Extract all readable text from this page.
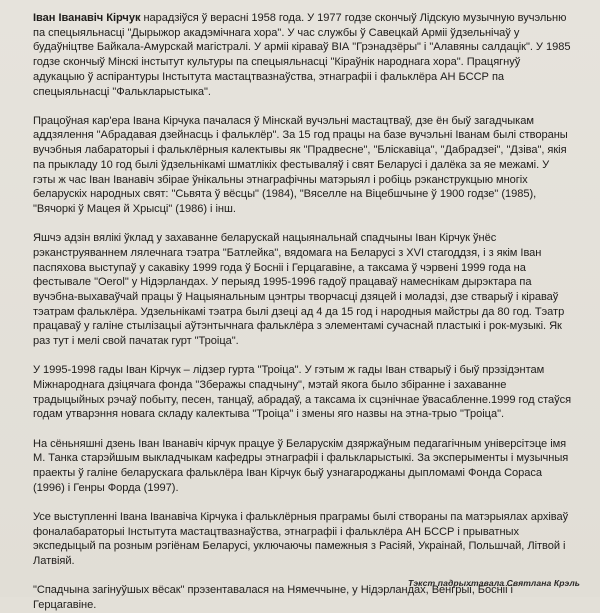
Іван Іванавіч Кірчук нарадзіўся ў верасні 1958 года. У 1977 годзе скончыў Лідскую музычную вучэльню па спецыяльнасці "Дырыжор акадэмічнага хора". У час службы ў Савецкай Арміі ўдзельнічаў у будаўніцтве Байкала-Амурскай магістралі. У арміі кіраваў ВІА "Грэнадзёры" і "Алавяны салдацік". У 1985 годзе скончыў Мінскі інстытут культуры па спецыяльнасці "Кіраўнік народнага хора". Працягнуў адукацыю ў аспірантуры Інстытута мастацтвазнаўства, этнаграфіі і фальклёра АН БССР па спецыяльнасці "Фалькларыстыка".

Працоўная кар'ера Івана Кірчука пачалася ў Мінскай вучэльні мастацтваў, дзе ён быў загадчыкам аддзялення "Абрадавая дзейнасць і фальклёр". За 15 год працы на базе вучэльні Іванам былі створаны вучэбныя лабараторыі і фальклёрныя калектывы як "Прадвесне", "Бліскавіца", "Дабрадзеі", "Дзіва", якія па прыкладу 10 год былі ўдзельнікамі шматлікіх фестываляў і свят Беларусі і далёка за яе межамі. У гэты ж час Іван Іванавіч збірае ўнікальны этнаграфічны матэрыял і робіць рэканструкцыю многіх беларускіх народных свят: "Сьвята ў вёсцы" (1984), "Вяселле на Віцебшчыне ў 1900 годзе" (1985), "Вячоркі ў Мацея й Хрысці" (1986) і інш.

Яшчэ адзін вялікі ўклад у захаванне беларускай нацыянальнай спадчыны Іван Кірчук ўнёс рэканструяваннем лялечнага тэатра "Батлейка", вядомага на Беларусі з XVI стагоддзя, і з якім Іван паспяхова выступаў у сакавіку 1999 года ў Босніі і Герцагавіне, а таксама ў чэрвені 1999 года на фестывале "Oerol" у Нідэрландах. У перыяд 1995-1996 гадоў працаваў намеснікам дырэктара па вучэбна-выхаваўчай працы ў Нацыянальным цэнтры творчасці дзяцей і моладзі, дзе стварыў і кіраваў тэатрам фальклёра. Удзельнікамі тэатра былі дзеці ад 4 да 15 год і народныя майстры да 80 год. Тэатр працаваў у галіне стылізацыі аўтэнтычнага фальклёра з элементамі сучаснай пластыкі і рок-музыкі. Як раз тут і мелі свой пачатак гурт "Троіца".

У 1995-1998 гады Іван Кірчук – лідзер гурта "Троіца". У гэтым ж гады Іван стварыў і быў прэзідэнтам Міжнароднага дзіцячага фонда "Зберажы спадчыну", мэтай якога было збіранне і захаванне традыцыйных рэчаў побыту, песен, танцаў, абрадаў, а таксама іх сцэнічнае ўвасабленне.1999 год стаўся годам утварэння новага складу калектыва "Троіца" і змены яго назвы на этна-трыо "Троіца".

На сёньняшні дзень Іван Іванавіч кірчук працуе ў Беларускім дзяржаўным педагагічным універсітэце імя М. Танка старэйшым выкладчыкам кафедры этнаграфіі і фалькларыстыкі. За эксперыменты і музычныя праекты ў галіне беларускага фальклёра Іван Кірчук быў узнагароджаны дыпломамі Фонда Сораса (1996) і Генры Форда (1997).

Усе выступленні Івана Іванавіча Кірчука і фальклёрныя праграмы былі створаны па матэрыялах архіваў фоналабараторыі Інстытута мастацтвазнаўства, этнаграфіі і фальклёра АН БССР і прыватных экспедыцый па розным рэгіёнам Беларусі, уключаючы памежныя з Расіяй, Украінай, Польшчай, Літвой і Латвіяй.

"Спадчына загінуўшых вёсак" прэзентавалася на Нямеччыне, у Нідэрландах, Венгрыі, Босніі і Герцагавіне.

Тэкст падрыхтавала Святлана Крэль
